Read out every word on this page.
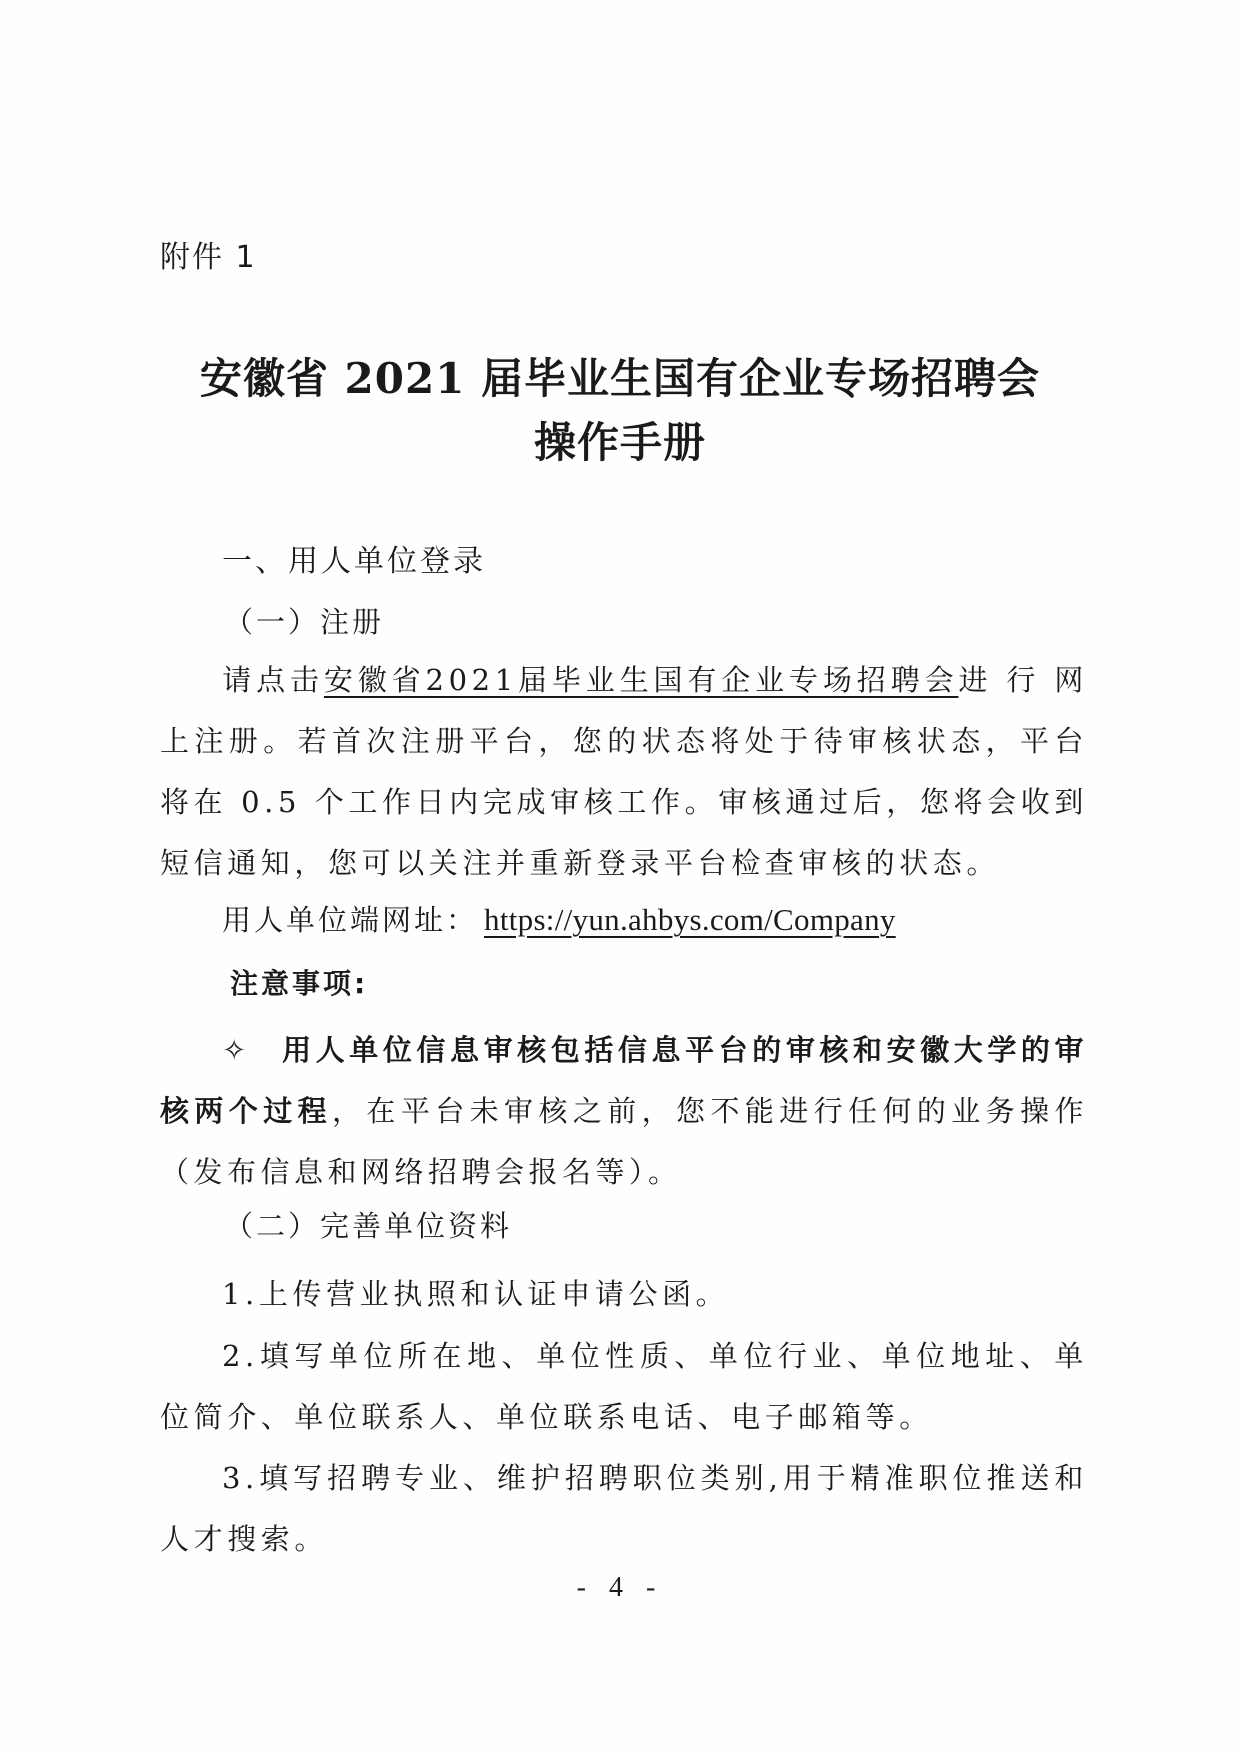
附件 1
安徽省 2021 届毕业生国有企业专场招聘会
操作手册
一、用人单位登录
（一）注册
请点击安徽省2021届毕业生国有企业专场招聘会进 行 网 上注册。若首次注册平台，您的状态将处于待审核状态，平台将在 0.5 个工作日内完成审核工作。审核通过后，您将会收到短信通知，您可以关注并重新登录平台检查审核的状态。
用人单位端网址： https://yun.ahbys.com/Company
注意事项:
✧ 用人单位信息审核包括信息平台的审核和安徽大学的审核两个过程，在平台未审核之前，您不能进行任何的业务操作（发布信息和网络招聘会报名等）。
（二）完善单位资料
1.上传营业执照和认证申请公函。
2.填写单位所在地、单位性质、单位行业、单位地址、单位简介、单位联系人、单位联系电话、电子邮箱等。
3.填写招聘专业、维护招聘职位类别,用于精准职位推送和人才搜索。
- 4 -
